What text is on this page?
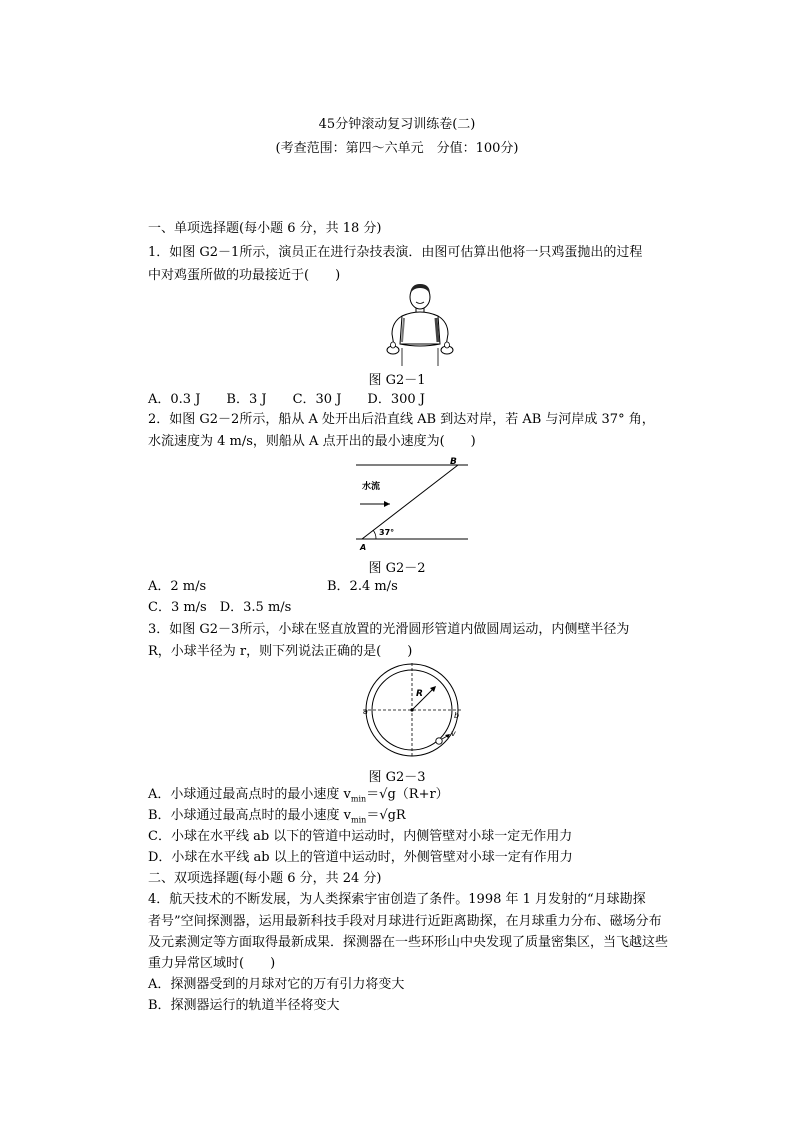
45分钟滚动复习训练卷(二)
(考查范围：第四～六单元　分值：100分)
一、单项选择题(每小题 6 分，共 18 分)
1．如图 G2－1所示，演员正在进行杂技表演．由图可估算出他将一只鸡蛋抛出的过程
中对鸡蛋所做的功最接近于(　　)
图 G2－1
A．0.3 J　　B．3 J　　C．30 J　　D．300 J
2．如图 G2－2所示，船从 A 处开出后沿直线 AB 到达对岸，若 AB 与河岸成 37° 角，
水流速度为 4 m/s，则船从 A 点开出的最小速度为(　　)
B
A
水流
37°
图 G2－2
A．2 m/s	B．2.4 m/s
C．3 m/s　D．3.5 m/s
3．如图 G2－3所示，小球在竖直放置的光滑圆形管道内做圆周运动，内侧壁半径为
R，小球半径为 r，则下列说法正确的是(　　)
R
a	b
v
图 G2－3
A．小球通过最高点时的最小速度 $v_{min}=√g(R+r)$
B．小球通过最高点时的最小速度 $v_{min}=√gR$
C．小球在水平线 ab 以下的管道中运动时，内侧管壁对小球一定无作用力
D．小球在水平线 ab 以上的管道中运动时，外侧管壁对小球一定有作用力
二、双项选择题(每小题 6 分，共 24 分)
4．航天技术的不断发展，为人类探索宇宙创造了条件。1998 年 1 月发射的“月球勘探
者号”空间探测器，运用最新科技手段对月球进行近距离勘探，在月球重力分布、磁场分布
及元素测定等方面取得最新成果．探测器在一些环形山中央发现了质量密集区，当飞越这些
重力异常区域时(　　)
A．探测器受到的月球对它的万有引力将变大
B．探测器运行的轨道半径将变大
